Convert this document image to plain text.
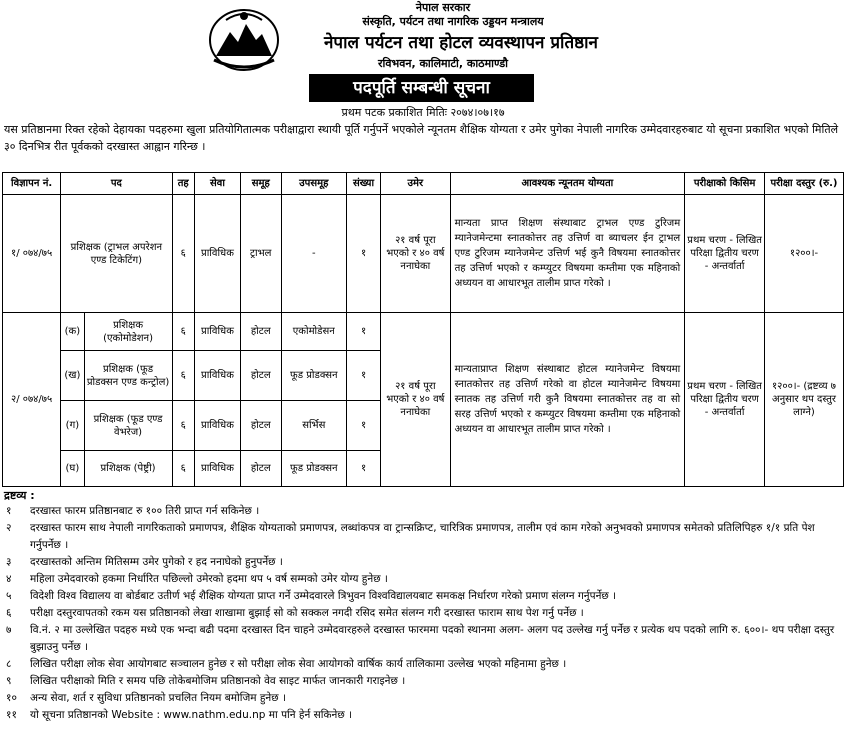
नेपाल सरकार
संस्कृति, पर्यटन तथा नागरिक उड्डयन मन्त्रालय
नेपाल पर्यटन तथा होटल व्यवस्थापन प्रतिष्ठान
रविभवन, कालिमाटी, काठमाण्डौ
पदपूर्ति सम्बन्धी सूचना
प्रथम पटक प्रकाशित मितिः २०७४।०७।१७

यस प्रतिष्ठानमा रिक्त रहेको देहायका पदहरुमा खुला प्रतियोगितात्मक परीक्षाद्वारा स्थायी पूर्ति गर्नुपर्ने भएकोले न्यूनतम शैक्षिक योग्यता र उमेर पुगेका नेपाली नागरिक उम्मेदवारहरुबाट यो सूचना प्रकाशित भएको मितिले ३० दिनभित्र रीत पूर्वकको दरखास्त आह्वान गरिन्छ ।

विज्ञापन नं.	पद		तह	सेवा	समूह	उपसमूह	संख्या	उमेर	आवश्यक न्यूनतम योग्यता	परीक्षाको किसिम	परीक्षा दस्तुर (रु.)
१/ ०७४/७५	प्रशिक्षक (ट्राभल अपरेशन एण्ड टिकेटिंग)		६	प्राविधिक	ट्राभल	-	१	२१ वर्ष पूरा भएको र ४० वर्ष ननाघेका	मान्यता प्राप्त शिक्षण संस्थाबाट ट्राभल एण्ड टुरिजम म्यानेजमेन्टमा स्नातकोत्तर तह उत्तिर्ण वा ब्याचलर ईन ट्राभल एण्ड टुरिजम म्यानेजमेन्ट उत्तिर्ण भई कुनै विषयमा स्नातकोत्तर तह उत्तिर्ण भएको र कम्प्युटर विषयमा कम्तीमा एक महिनाको अध्ययन वा आधारभूत तालीम प्राप्त गरेको ।	प्रथम चरण - लिखित परिक्षा द्वितीय चरण - अन्तर्वार्ता	१२००।-
२/ ०७४/७५	(क)	प्रशिक्षक (एकोमोडेशन)	६	प्राविधिक	होटल	एकोमोडेसन	१	२१ वर्ष पूरा भएको र ४० वर्ष ननाघेका	मान्यताप्राप्त शिक्षण संस्थाबाट होटल म्यानेजमेन्ट विषयमा स्नातकोत्तर तह उत्तिर्ण गरेको वा होटल म्यानेजमेन्ट विषयमा स्नातक तह उत्तिर्ण गरी कुनै विषयमा स्नातकोत्तर तह वा सो सरह उत्तिर्ण भएको र कम्प्युटर विषयमा कम्तीमा एक महिनाको अध्ययन वा आधारभूत तालीम प्राप्त गरेको ।	प्रथम चरण - लिखित परिक्षा द्वितीय चरण - अन्तर्वार्ता	१२००।- (द्रष्टव्य ७ अनुसार थप दस्तुर लाग्ने)
	(ख)	प्रशिक्षक (फूड प्रोडक्सन एण्ड कन्ट्रोल)	६	प्राविधिक	होटल	फूड प्रोडक्सन	१				
	(ग)	प्रशिक्षक (फूड एण्ड वेभरेज)	६	प्राविधिक	होटल	सर्भिस	१				
	(घ)	प्रशिक्षक (पेष्ट्री)	६	प्राविधिक	होटल	फूड प्रोडक्सन	१				
द्रष्टव्य :
१	दरखास्त फारम प्रतिष्ठानबाट रु १०० तिरी प्राप्त गर्न सकिनेछ ।
२	दरखास्त फारम साथ नेपाली नागरिकताको प्रमाणपत्र, शैक्षिक योग्यताको प्रमाणपत्र, लब्धांकपत्र वा ट्रान्सक्रिप्ट, चारित्रिक प्रमाणपत्र, तालीम एवं काम गरेको अनुभवको प्रमाणपत्र समेतको प्रतिलिपिहरु १/१ प्रति पेश गर्नुपर्नेछ ।
३	दरखास्तको अन्तिम मितिसम्म उमेर पुगेको र हद ननाघेको हुनुपर्नेछ ।
४	महिला उमेदवारको हकमा निर्धारित पछिल्लो उमेरको हदमा थप ५ वर्ष सम्मको उमेर योग्य हुनेछ ।
५	विदेशी विश्व विद्यालय वा बोर्डबाट उतीर्ण भई शैक्षिक योग्यता प्राप्त गर्ने उम्मेदवारले त्रिभुवन विश्वविद्यालयबाट समकक्ष निर्धारण गरेको प्रमाण संलग्न गर्नुपर्नेछ ।
६	परीक्षा दस्तुरवापतको रकम यस प्रतिष्ठानको लेखा शाखामा बुझाई सो को सक्कल नगदी रसिद समेत संलग्न गरी दरखास्त फाराम साथ पेश गर्नु पर्नेछ ।
७	वि.नं. २ मा उल्लेखित पदहरु मध्ये एक भन्दा बढी पदमा दरखास्त दिन चाहने उम्मेदवारहरुले दरखास्त फारममा पदको स्थानमा अलग- अलग पद उल्लेख गर्नु पर्नेछ र प्रत्येक थप पदको लागि रु. ६००।- थप परीक्षा दस्तुर बुझाउनु पर्नेछ ।
८	लिखित परीक्षा लोक सेवा आयोगबाट सञ्चालन हुनेछ र सो परीक्षा लोक सेवा आयोगको वार्षिक कार्य तालिकामा उल्लेख भएको महिनामा हुनेछ ।
९	लिखित परीक्षाको मिति र समय पछि तोकेबमोजिम प्रतिष्ठानको वेव साइट मार्फत जानकारी गराइनेछ ।
१०	अन्य सेवा, शर्त र सुविधा प्रतिष्ठानको प्रचलित नियम बमोजिम हुनेछ ।
११	यो सूचना प्रतिष्ठानको Website : www.nathm.edu.np मा पनि हेर्न सकिनेछ ।
